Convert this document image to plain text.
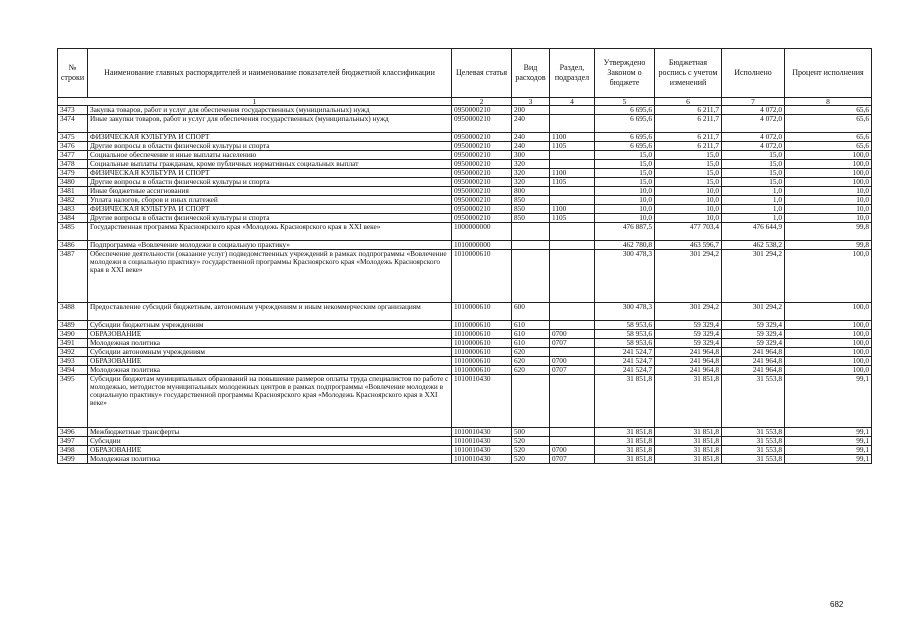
№ строки	Наименование главных распорядителей и наименование показателей бюджетной классификации	Целевая статья	Вид расходов	Раздел, подраздел	Утверждено Законом о бюджете	Бюджетная роспись с учетом изменений	Исполнено	Процент исполнения
1		2	3	4	5	6	7	8
3473	Закупка товаров, работ и услуг для обеспечения государственных (муниципальных) нужд	0950000210	200		6 695,6	6 211,7	4 072,0	65,6
3474	Иные закупки товаров, работ и услуг для обеспечения государственных (муниципальных) нужд	0950000210	240		6 695,6	6 211,7	4 072,0	65,6
3475	ФИЗИЧЕСКАЯ КУЛЬТУРА И СПОРТ	0950000210	240	1100	6 695,6	6 211,7	4 072,0	65,6
3476	Другие вопросы в области физической культуры и спорта	0950000210	240	1105	6 695,6	6 211,7	4 072,0	65,6
3477	Социальное обеспечение и иные выплаты населению	0950000210	300		15,0	15,0	15,0	100,0
3478	Социальные выплаты гражданам, кроме публичных нормативных социальных выплат	0950000210	320		15,0	15,0	15,0	100,0
3479	ФИЗИЧЕСКАЯ КУЛЬТУРА И СПОРТ	0950000210	320	1100	15,0	15,0	15,0	100,0
3480	Другие вопросы в области физической культуры и спорта	0950000210	320	1105	15,0	15,0	15,0	100,0
3481	Иные бюджетные ассигнования	0950000210	800		10,0	10,0	1,0	10,0
3482	Уплата налогов, сборов и иных платежей	0950000210	850		10,0	10,0	1,0	10,0
3483	ФИЗИЧЕСКАЯ КУЛЬТУРА И СПОРТ	0950000210	850	1100	10,0	10,0	1,0	10,0
3484	Другие вопросы в области физической культуры и спорта	0950000210	850	1105	10,0	10,0	1,0	10,0
3485	Государственная программа Красноярского края «Молодежь Красноярского края в XXI веке»	1000000000			476 887,5	477 703,4	476 644,9	99,8
3486	Подпрограмма «Вовлечение молодежи в социальную практику»	1010000000			462 780,8	463 596,7	462 538,2	99,8
3487	Обеспечение деятельности (оказание услуг) подведомственных учреждений в рамках подпрограммы «Вовлечение молодежи в социальную практику» государственной программы Красноярского края «Молодежь Красноярского края в XXI веке»	1010000610			300 478,3	301 294,2	301 294,2	100,0
3488	Предоставление субсидий бюджетным, автономным учреждениям и иным некоммерческим организациям	1010000610	600		300 478,3	301 294,2	301 294,2	100,0
3489	Субсидии бюджетным учреждениям	1010000610	610		58 953,6	59 329,4	59 329,4	100,0
3490	ОБРАЗОВАНИЕ	1010000610	610	0700	58 953,6	59 329,4	59 329,4	100,0
3491	Молодежная политика	1010000610	610	0707	58 953,6	59 329,4	59 329,4	100,0
3492	Субсидии автономным учреждениям	1010000610	620		241 524,7	241 964,8	241 964,8	100,0
3493	ОБРАЗОВАНИЕ	1010000610	620	0700	241 524,7	241 964,8	241 964,8	100,0
3494	Молодежная политика	1010000610	620	0707	241 524,7	241 964,8	241 964,8	100,0
3495	Субсидии бюджетам муниципальных образований на повышение размеров оплаты труда специалистов по работе с молодежью, методистов муниципальных молодежных центров в рамках подпрограммы «Вовлечение молодежи в социальную практику» государственной программы Красноярского края «Молодежь Красноярского края в XXI веке»	1010010430			31 851,8	31 851,8	31 553,8	99,1
3496	Межбюджетные трансферты	1010010430	500		31 851,8	31 851,8	31 553,8	99,1
3497	Субсидии	1010010430	520		31 851,8	31 851,8	31 553,8	99,1
3498	ОБРАЗОВАНИЕ	1010010430	520	0700	31 851,8	31 851,8	31 553,8	99,1
3499	Молодежная политика	1010010430	520	0707	31 851,8	31 851,8	31 553,8	99,1
682
